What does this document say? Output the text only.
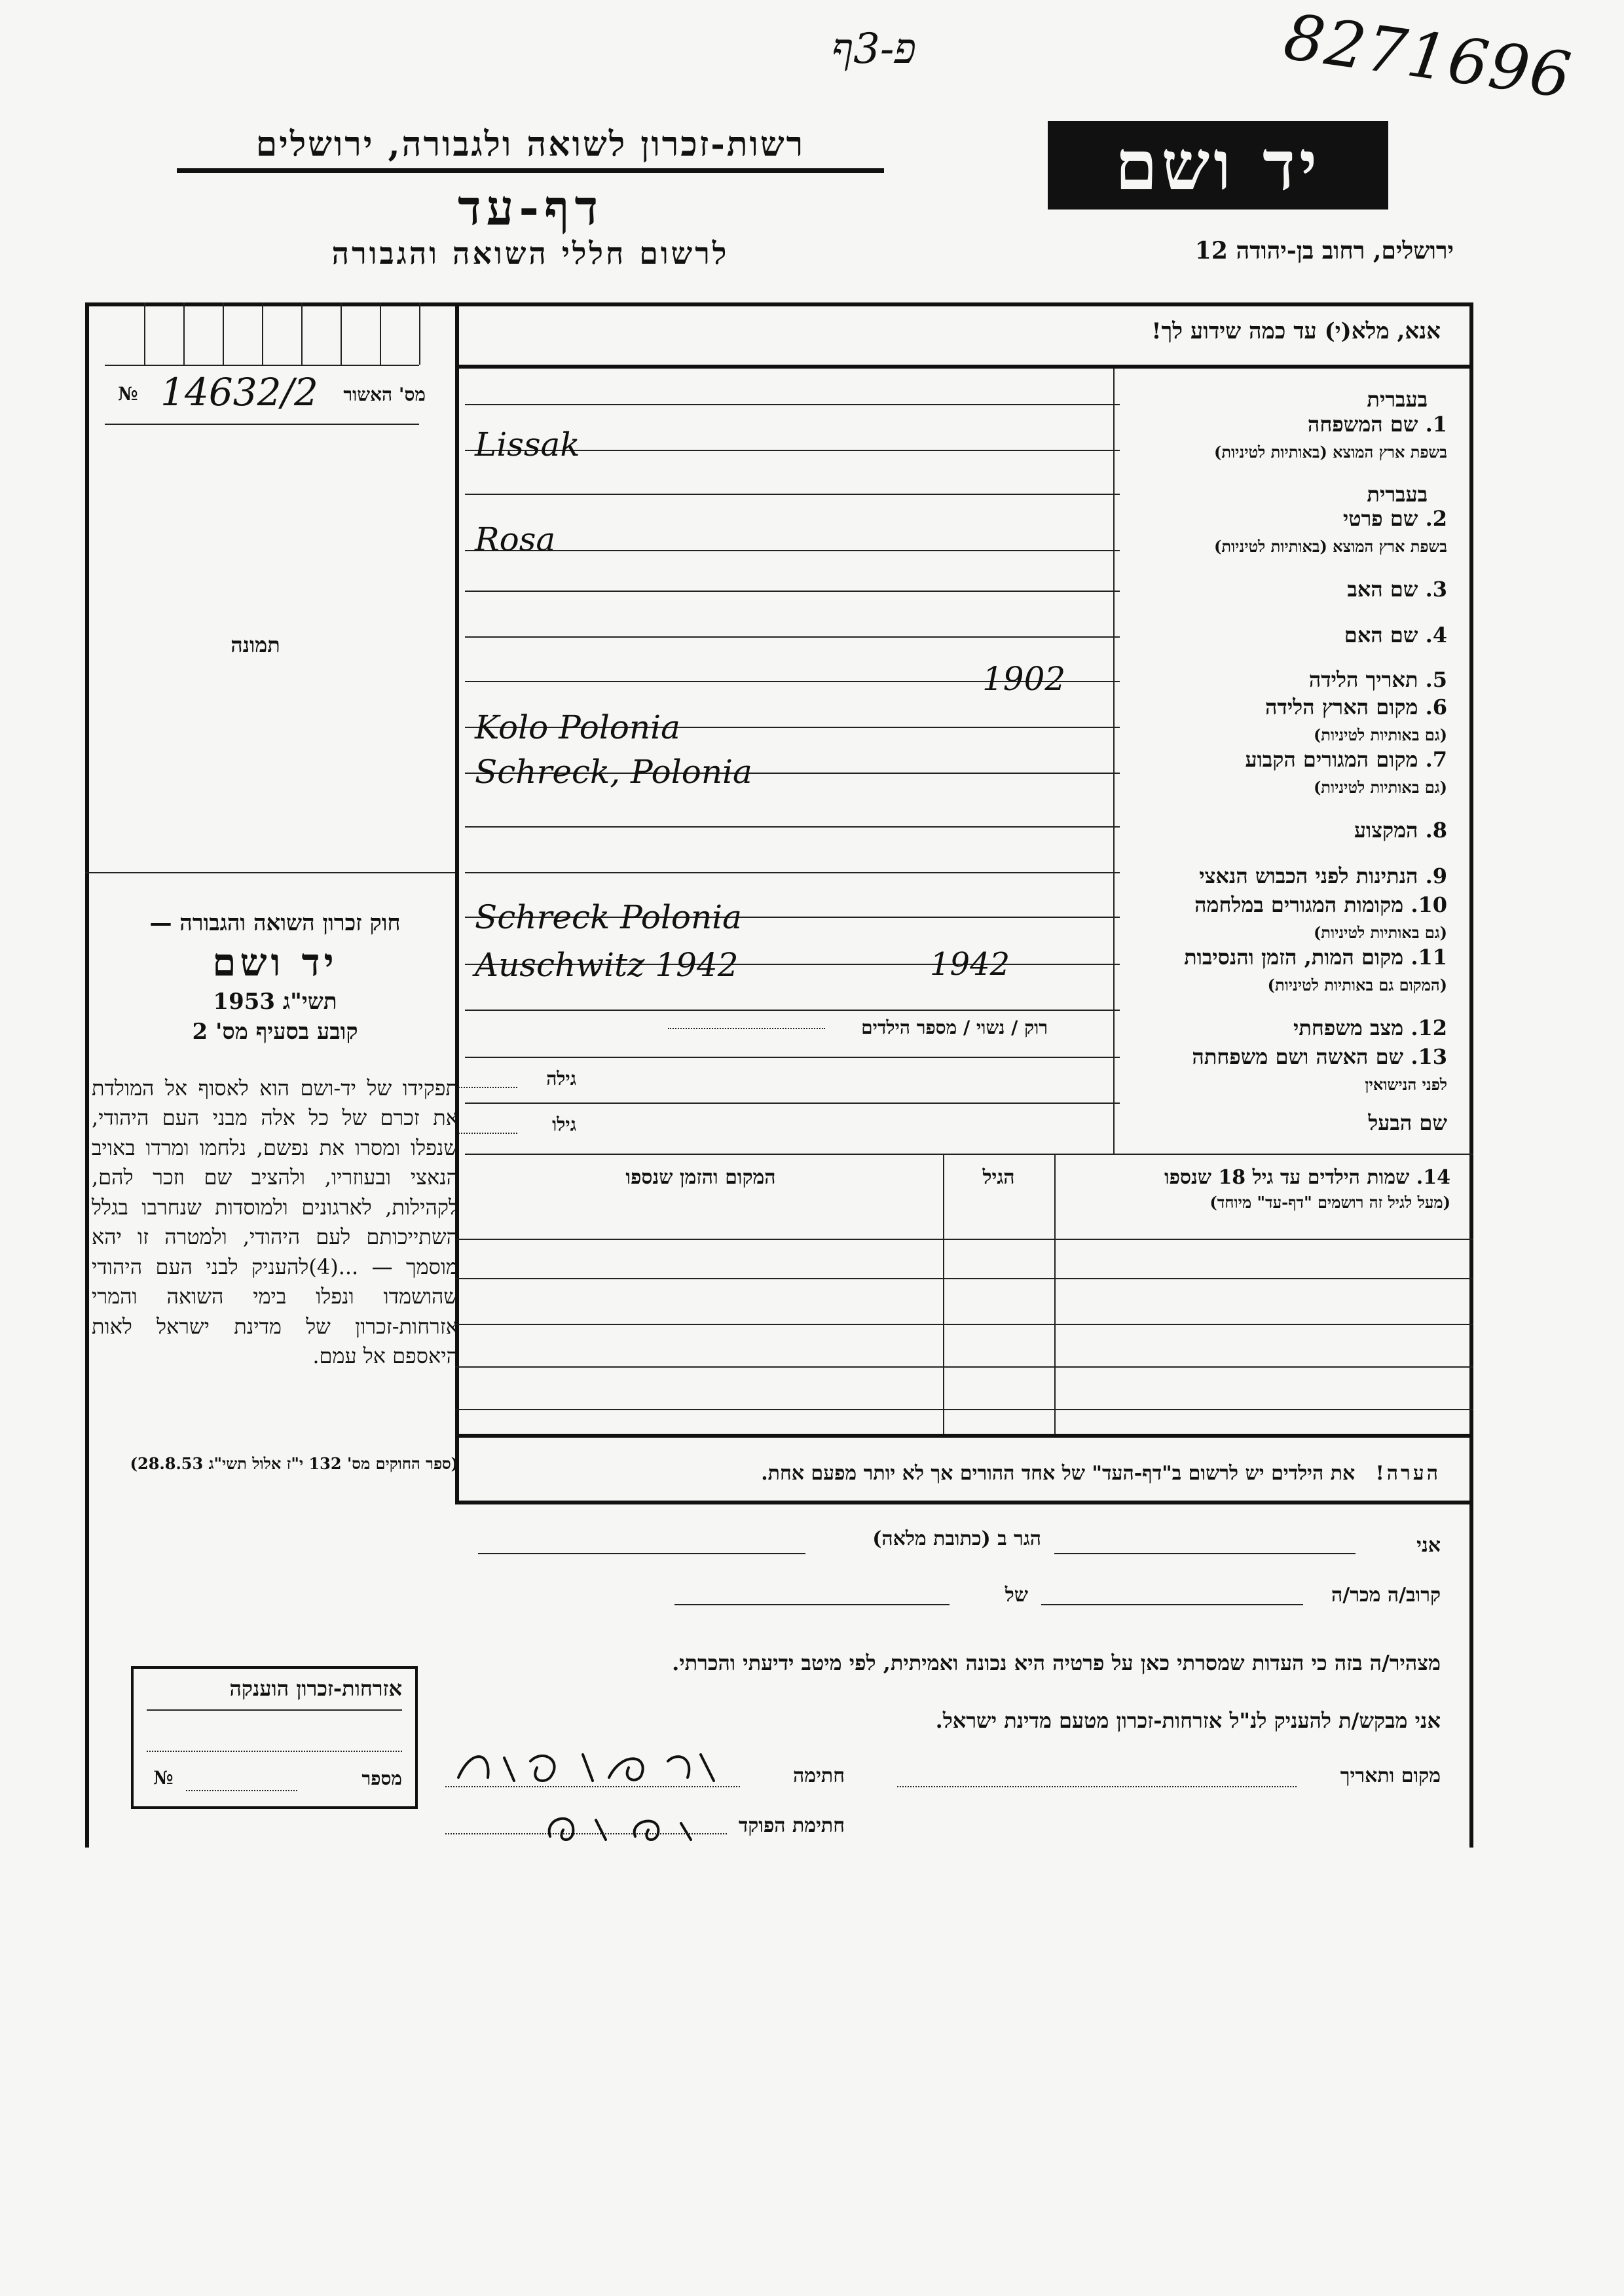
פ-3ף	8271696
יד ושם
רשות-זכרון לשואה ולגבורה, ירושלים
דף-עד
לרשום חללי השואה והגבורה	ירושלים, רחוב בן-יהודה 12
אנא, מלא(י) עד כמה שידוע לך!
מס' האשור
№ 14632/2
תמונה
בעברית
1. שם המשפחה
בשפת ארץ המוצא (באותיות לטיניות)
בעברית
2. שם פרטי
בשפת ארץ המוצא (באותיות לטיניות)
3. שם האב
4. שם האם
5. תאריך הלידה
6. מקום הארץ הלידה
(גם באותיות לטיניות)
7. מקום המגורים הקבוע
(גם באותיות לטיניות)
8. המקצוע
9. הנתינות לפני הכבוש הנאצי
10. מקומות המגורים במלחמה
(גם באותיות לטיניות)
11. מקום המות, הזמן והנסיבות
(המקום גם באותיות לטיניות)
12. מצב משפחתי
13. שם האשה ושם משפחתה
לפני הנישואין
שם הבעל
Lissak
Rosa
1902
Kolo Polonia
Schreck, Polonia
Schreck Polonia
1942
Auschwitz 1942
רוק / נשוי / מספר הילדים
גילה
גילו
14. שמות הילדים עד גיל 18 שנספו
(מעל לגיל זה רושמים "דף-עד" מיוחד)
הגיל
המקום והזמן שנספו
הערה!   את הילדים יש לרשום ב"דף-העד" של אחד ההורים אך לא יותר מפעם אחת.
אני
הגר ב (כתובת מלאה)
קרוב/ה מכר/ה
של
מצהיר/ה בזה כי העדות שמסרתי כאן על פרטיה היא נכונה ואמיתית, לפי מיטב ידיעתי והכרתי.
אני מבקש/ת להעניק לנ"ל אזרחות-זכרון מטעם מדינת ישראל.
מקום ותאריך
חתימה
חתימת הפוקד
חוק זכרון השואה והגבורה —
יד ושם
תשי"ג 1953
קובע בסעיף מס' 2
תפקידו של יד-ושם הוא לאסוף אל המולדת את זכרם של כל אלה מבני העם היהודי, שנפלו ומסרו את נפשם, נלחמו ומרדו באויב הנאצי ובעוזריו, ולהציב שם וזכר להם, לקהילות, לארגונים ולמוסדות שנחרבו בגלל השתייכותם לעם היהודי, ולמטרה זו יהא מוסמך — ...(4)להעניק לבני העם היהודי שהושמדו ונפלו בימי השואה והמרי אזרחות-זכרון של מדינת ישראל לאות היאספם אל עמם.
(ספר החוקים מס' 132 י"ז אלול תשי"ג 28.8.53)
אזרחות-זכרון הוענקה
מספר
№
